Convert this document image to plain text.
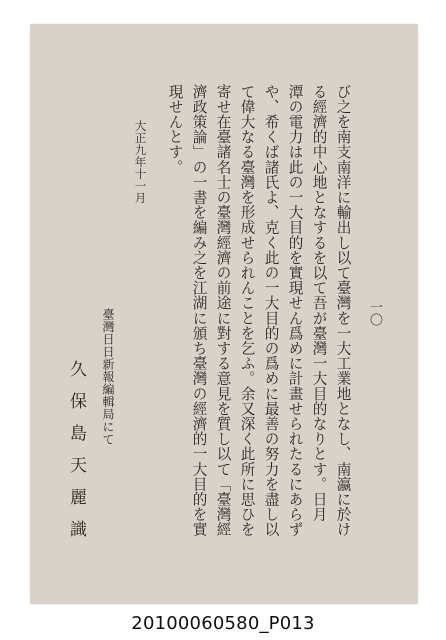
一〇
び之を南支南洋に輸出し以て臺灣を一大工業地となし、南瀛に於け
る經濟的中心地となするを以て吾が臺灣一大目的なりとす。日月
潭の電力は此の一大目的を實現せん爲めに計畫せられたるにあらず
や、希くば諸氏よ、克く此の一大目的の爲めに最善の努力を盡し以
て偉大なる臺灣を形成せられんことを乞ふ。余又深く此所に思ひを
寄せ在臺諸名士の臺灣經濟の前途に對する意見を質し以て「臺灣經
濟政策論」の一書を編み之を江湖に頒ち臺灣の經濟的一大目的を實
現せんとす。
大正九年十一月
臺灣日日新報編輯局にて
久保島天麗識
20100060580_P013
